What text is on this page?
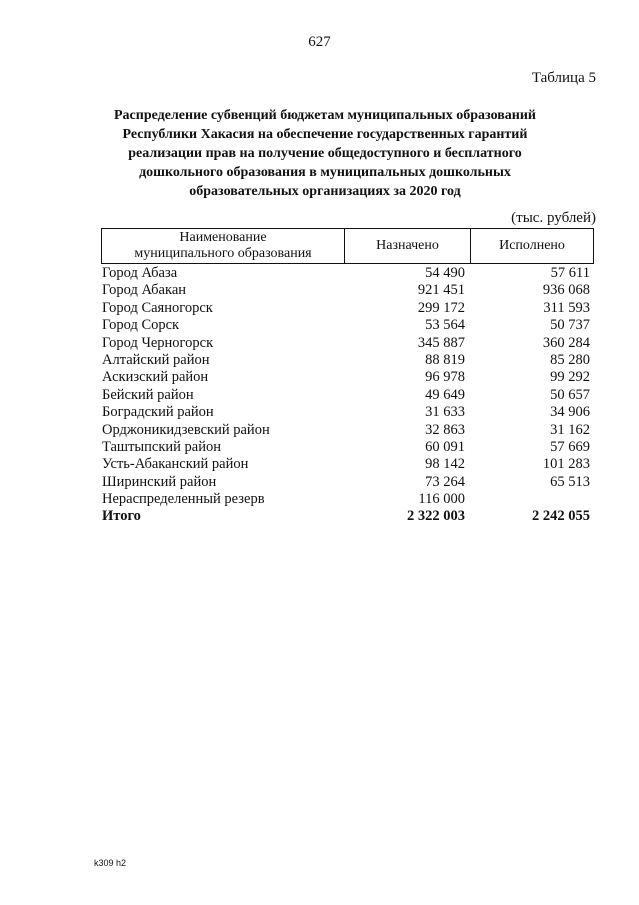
627
Таблица 5
Распределение субвенций бюджетам муниципальных образований
Республики Хакасия на обеспечение государственных гарантий
реализации прав на получение общедоступного и бесплатного
дошкольного образования в муниципальных дошкольных
образовательных организациях за 2020 год
(тыс. рублей)
Наименование
муниципального образования
Назначено	Исполнено
Город Абаза	54 490	57 611
Город Абакан	921 451	936 068
Город Саяногорск	299 172	311 593
Город Сорск	53 564	50 737
Город Черногорск	345 887	360 284
Алтайский район	88 819	85 280
Аскизский район	96 978	99 292
Бейский район	49 649	50 657
Боградский район	31 633	34 906
Орджоникидзевский район	32 863	31 162
Таштыпский район	60 091	57 669
Усть-Абаканский район	98 142	101 283
Ширинский район	73 264	65 513
Нераспределенный резерв	116 000
Итого	2 322 003	2 242 055
k309 h2
